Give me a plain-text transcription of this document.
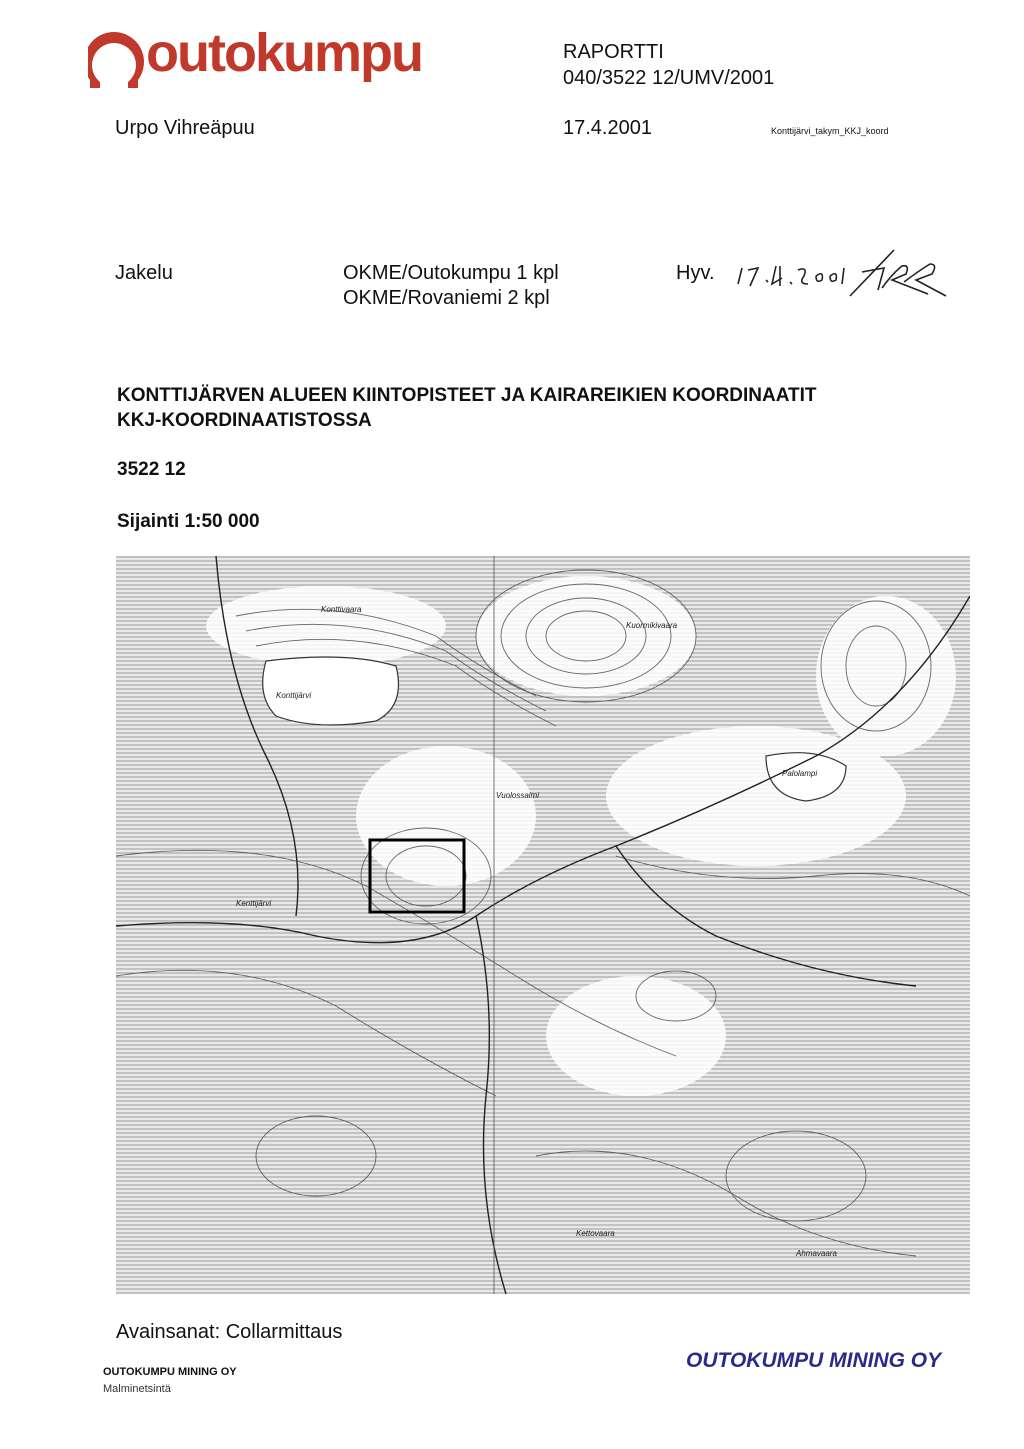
outokumpu	RAPORTTI
040/3522 12/UMV/2001
Urpo Vihreäpuu	17.4.2001	Konttijärvi_takym_KKJ_koord
Jakelu	OKME/Outokumpu 1 kpl
OKME/Rovaniemi 2 kpl
Hyv.
KONTTIJÄRVEN ALUEEN KIINTOPISTEET JA KAIRAREIKIEN KOORDINAATIT
KKJ-KOORDINAATISTOSSA
3522 12
Sijainti 1:50 000
Konttivaara
Kuormikivaara
Konttijärvi
Palolampi
Vuolossalmi
Ahmavaara
Kettovaara
Kenttijärvi
Avainsanat: Collarmittaus
OUTOKUMPU MINING OY
Malminetsintä
OUTOKUMPU MINING OY
